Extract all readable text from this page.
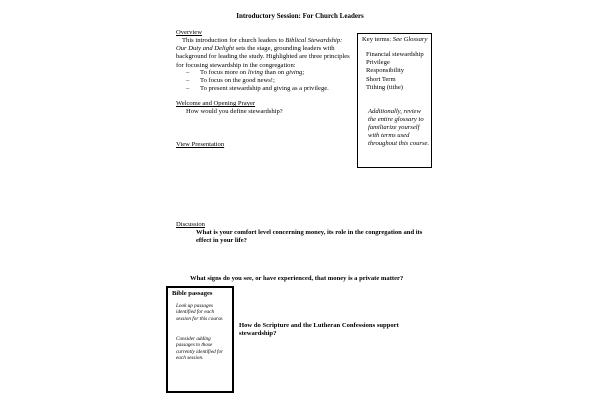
Introductory Session: For Church Leaders
Overview
This introduction for church leaders to Biblical Stewardship: Our Duty and Delight sets the stage, grounding leaders with background for leading the study. Highlighted are three principles for focusing stewardship in the congregation:
– To focus more on living than on giving;
– To focus on the good news!;
– To present stewardship and giving as a privilege.
Welcome and Opening Prayer
How would you define stewardship?
View Presentation
Key terms: See Glossary
Financial stewardship
Privilege
Responsibility
Short Term
Tithing (tithe)
Additionally, review the entire glossary to familiarize yourself with terms used throughout this course.
Discussion
What is your comfort level concerning money, its role in the congregation and its effect in your life?
What signs do you see, or have experienced, that money is a private matter?
Bible passages
Look up passages identified for each session for this course.
Consider adding passages to those currently identified for each session.
How do Scripture and the Lutheran Confessions support stewardship?
